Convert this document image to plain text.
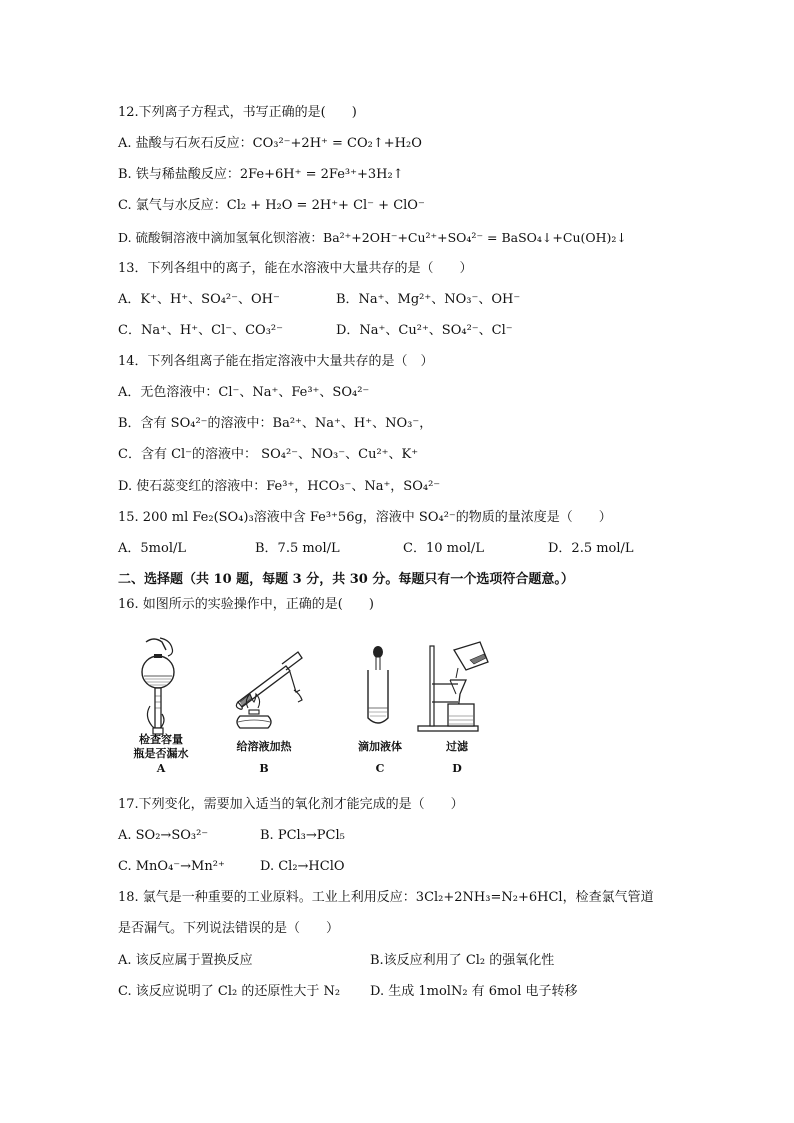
12.下列离子方程式，书写正确的是(　　)
A. 盐酸与石灰石反应：CO₃²⁻+2H⁺ = CO₂↑+H₂O
B. 铁与稀盐酸反应：2Fe+6H⁺ = 2Fe³⁺+3H₂↑
C. 氯气与水反应：Cl₂ + H₂O = 2H⁺+ Cl⁻ + ClO⁻
D. 硫酸铜溶液中滴加氢氧化钡溶液：Ba²⁺+2OH⁻+Cu²⁺+SO₄²⁻ = BaSO₄↓+Cu(OH)₂↓
13．下列各组中的离子，能在水溶液中大量共存的是（　　）
A．K⁺、H⁺、SO₄²⁻、OH⁻	B．Na⁺、Mg²⁺、NO₃⁻、OH⁻
C．Na⁺、H⁺、Cl⁻、CO₃²⁻	D．Na⁺、Cu²⁺、SO₄²⁻、Cl⁻
14．下列各组离子能在指定溶液中大量共存的是（　）
A．无色溶液中：Cl⁻、Na⁺、Fe³⁺、SO₄²⁻
B．含有 SO₄²⁻的溶液中：Ba²⁺、Na⁺、H⁺、NO₃⁻，
C．含有 Cl⁻的溶液中： SO₄²⁻、NO₃⁻、Cu²⁺、K⁺
D. 使石蕊变红的溶液中：Fe³⁺，HCO₃⁻、Na⁺，SO₄²⁻
15. 200 ml Fe₂(SO₄)₃溶液中含 Fe³⁺56g，溶液中 SO₄²⁻的物质的量浓度是（　　）
A．5mol/L	B．7.5 mol/L	C．10 mol/L	D．2.5 mol/L
二、选择题（共 10 题，每题 3 分，共 30 分。每题只有一个选项符合题意。）
16. 如图所示的实验操作中，正确的是(　　)
检查容量
瓶是否漏水
A
给溶液加热
B
滴加液体
C
过滤
D
17.下列变化，需要加入适当的氧化剂才能完成的是（　　）
A. SO₂→SO₃²⁻	B. PCl₃→PCl₅
C. MnO₄⁻→Mn²⁺	D. Cl₂→HClO
18. 氯气是一种重要的工业原料。工业上利用反应：3Cl₂+2NH₃=N₂+6HCl，检查氯气管道
是否漏气。下列说法错误的是（　　）
A. 该反应属于置换反应	B.该反应利用了 Cl₂ 的强氧化性
C. 该反应说明了 Cl₂ 的还原性大于 N₂ D. 生成 1molN₂ 有 6mol 电子转移
